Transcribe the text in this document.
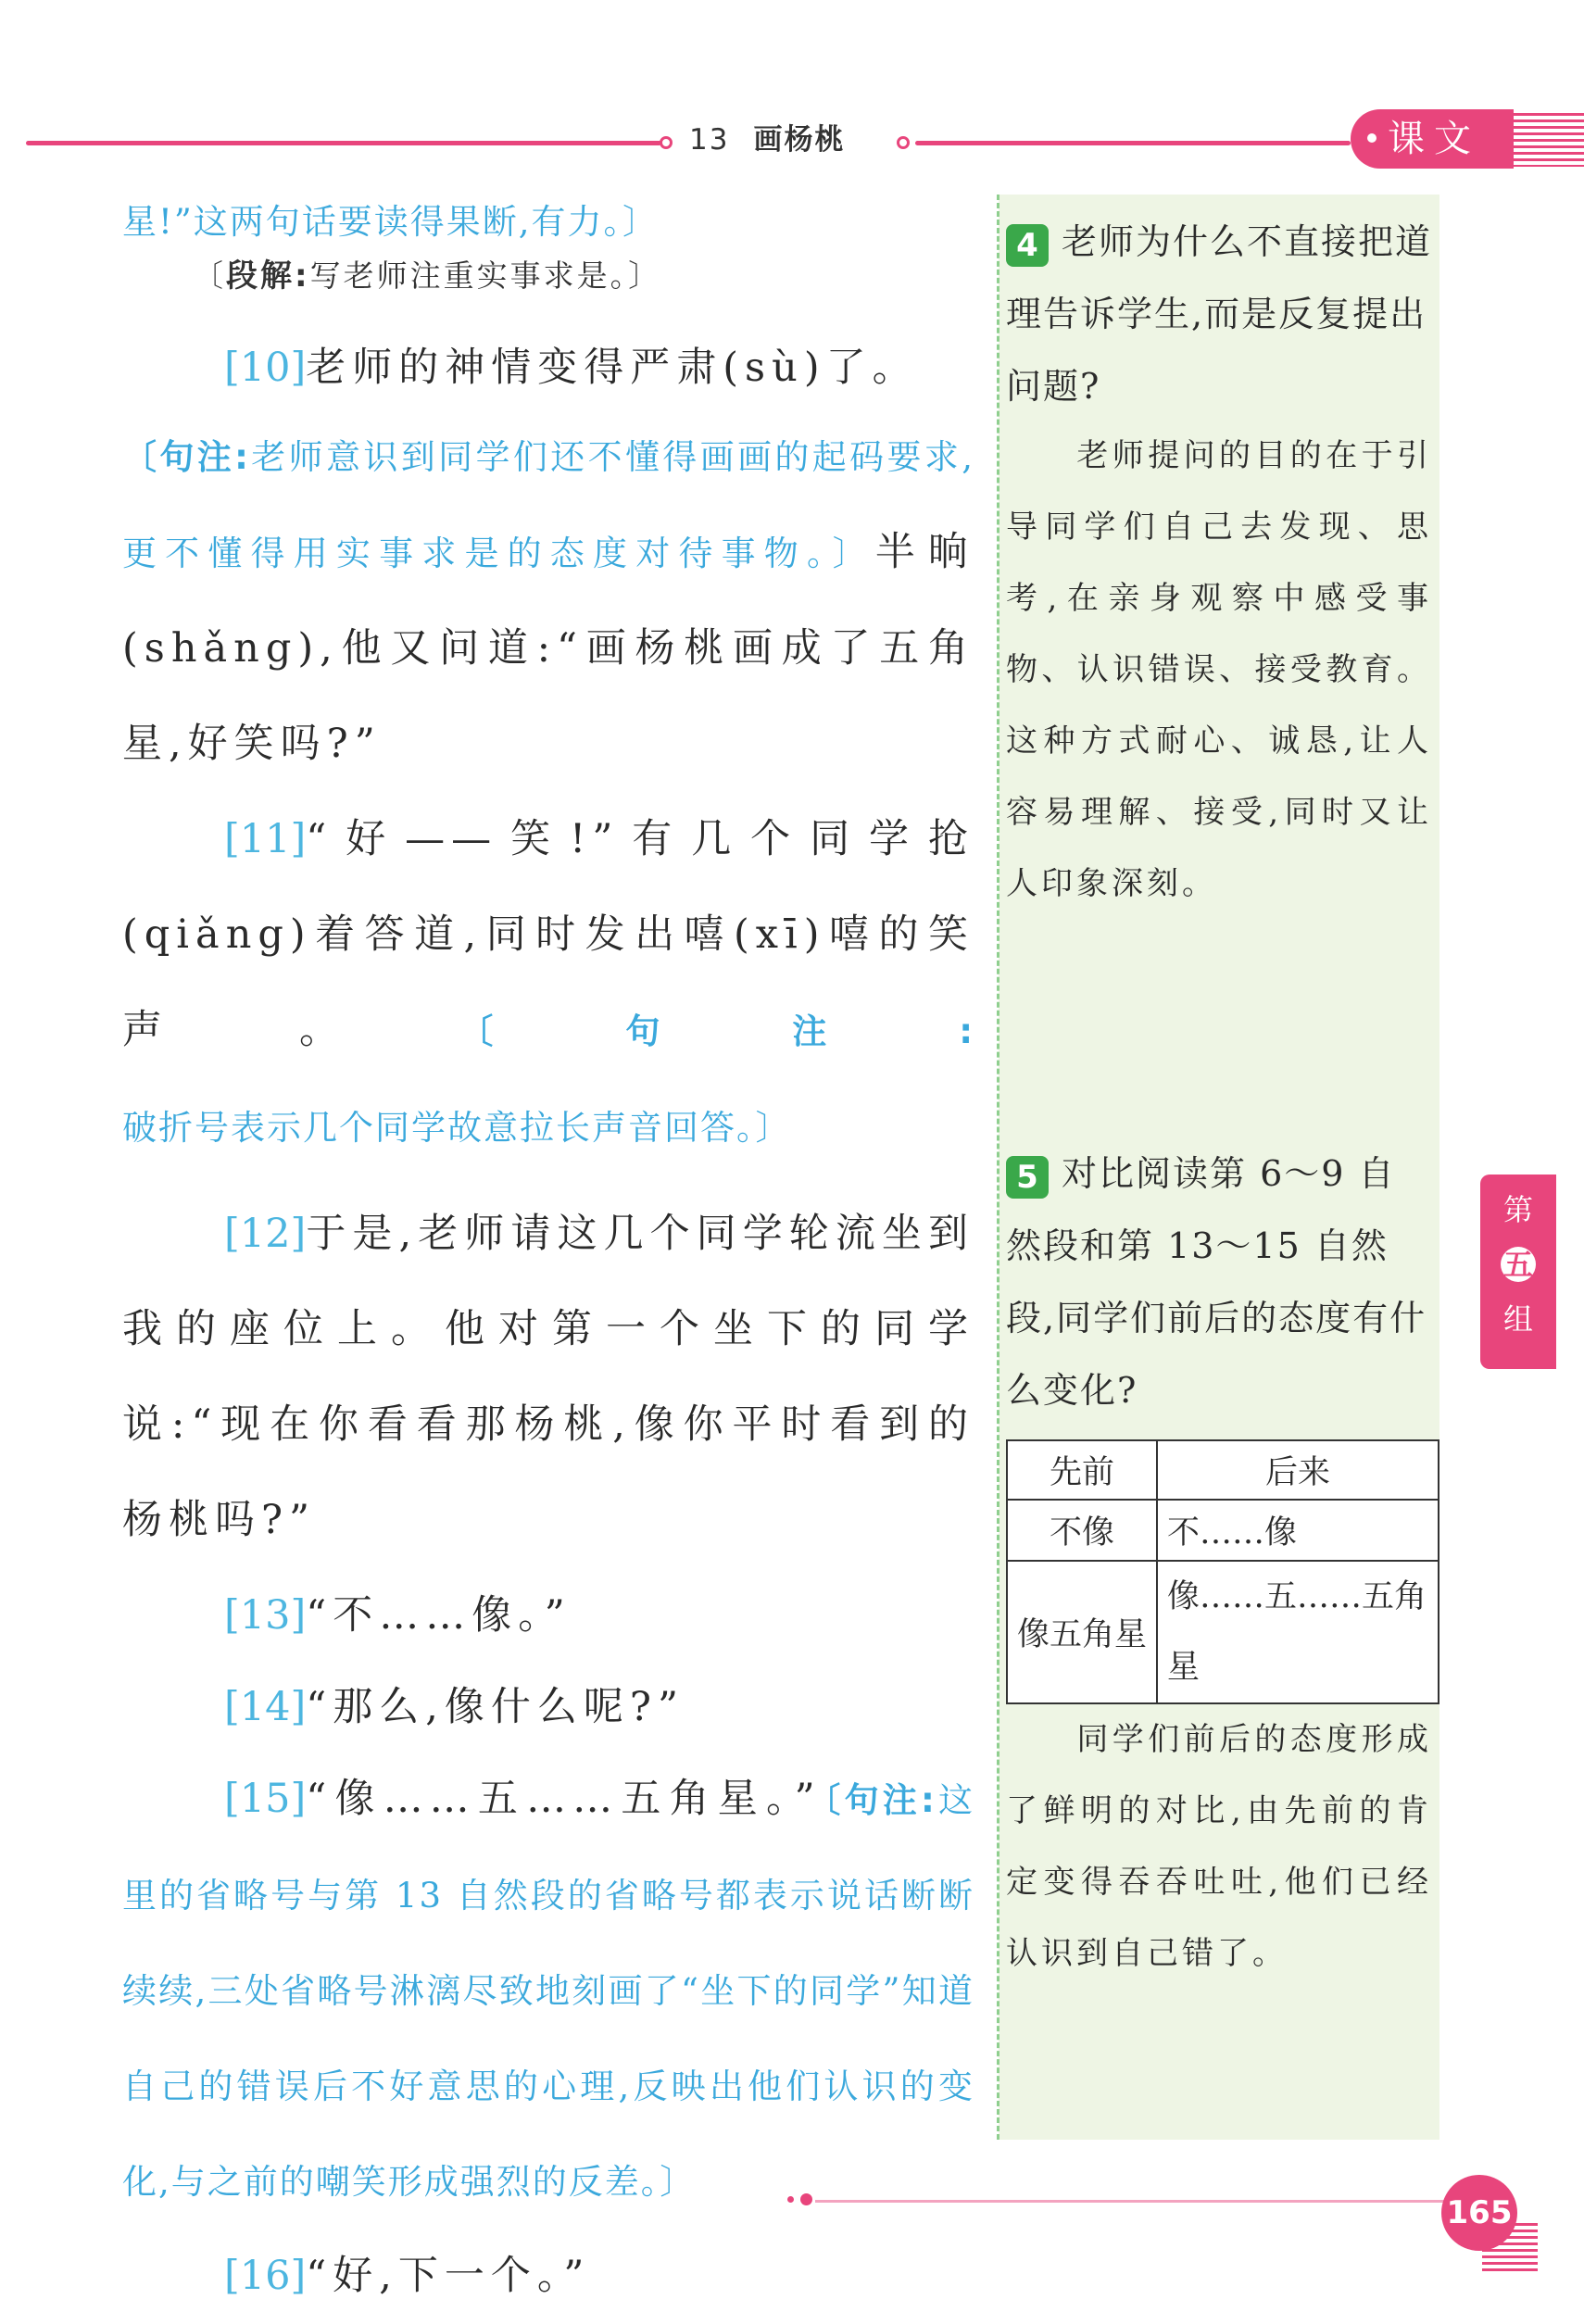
13 画杨桃	课文

星!”这两句话要读得果断,有力。〕

〔段解:写老师注重实事求是。〕

[10]老师的神情变得严肃(sù)了。

〔句注:老师意识到同学们还不懂得画画的起码要求,更不懂得用实事求是的态度对待事物。〕半晌(shǎng),他又问道:“画杨桃画成了五角星,好笑吗?”

[11]“好——笑!”有几个同学抢(qiǎng)着答道,同时发出嘻(xī)嘻的笑声。〔句注:破折号表示几个同学故意拉长声音回答。〕

[12]于是,老师请这几个同学轮流坐到我的座位上。他对第一个坐下的同学说:“现在你看看那杨桃,像你平时看到的杨桃吗?”

[13]“不……像。”

[14]“那么,像什么呢?”

[15]“像……五……五角星。”〔句注:这里的省略号与第 13 自然段的省略号都表示说话断断续续,三处省略号淋漓尽致地刻画了“坐下的同学”知道自己的错误后不好意思的心理,反映出他们认识的变化,与之前的嘲笑形成强烈的反差。〕

[16]“好,下一个。”

4 老师为什么不直接把道理告诉学生,而是反复提出问题?
老师提问的目的在于引导同学们自己去发现、思考,在亲身观察中感受事物、认识错误、接受教育。这种方式耐心、诚恳,让人容易理解、接受,同时又让人印象深刻。
5 对比阅读第 6～9 自然段和第 13～15 自然段,同学们前后的态度有什么变化?
先前	后来
不像	不……像
像五角星	像……五……五角星
同学们前后的态度形成了鲜明的对比,由先前的肯定变得吞吞吐吐,他们已经认识到自己错了。
第
五
组
165
